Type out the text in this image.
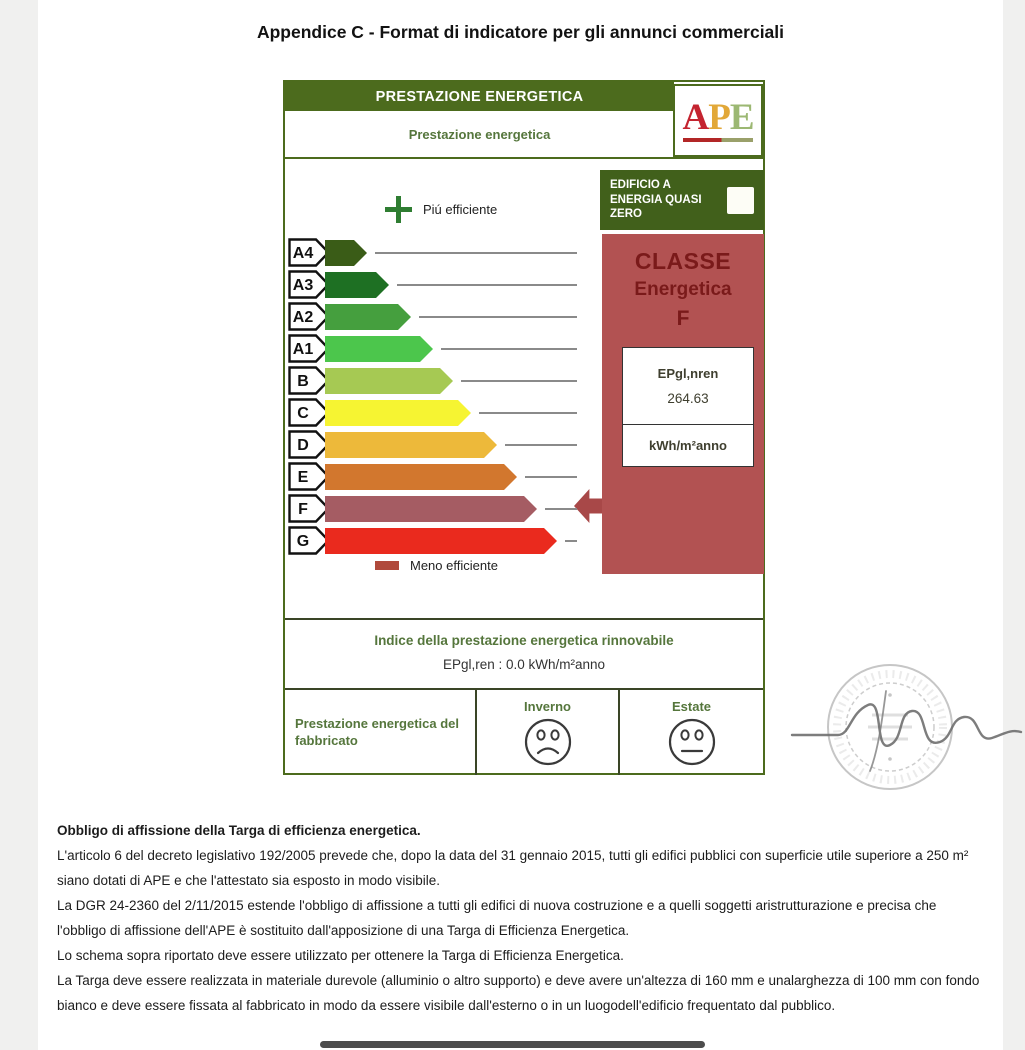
Appendice C - Format di indicatore per gli annunci commerciali
PRESTAZIONE ENERGETICA
Prestazione energetica	APE
EDIFICIO A ENERGIA QUASI ZERO
CLASSE
Energetica
F
EPgl,nren
264.63
kWh/m²anno
Piú efficiente
A4
A3
A2
A1
B
C
D
E
F
G
Meno efficiente
Indice della prestazione energetica rinnovabile
EPgl,ren : 0.0 kWh/m²anno
Prestazione energetica del fabbricato
Inverno	Estate
Obbligo di affissione della Targa di efficienza energetica.
L'articolo 6 del decreto legislativo 192/2005 prevede che, dopo la data del 31 gennaio 2015, tutti gli edifici pubblici con superficie utile superiore a 250 m² siano dotati di APE e che l'attestato sia esposto in modo visibile.
La DGR 24-2360 del 2/11/2015 estende l'obbligo di affissione a tutti gli edifici di nuova costruzione e a quelli soggetti aristrutturazione e precisa che l'obbligo di affissione dell'APE è sostituito dall'apposizione di una Targa di Efficienza Energetica.
Lo schema sopra riportato deve essere utilizzato per ottenere la Targa di Efficienza Energetica.
La Targa deve essere realizzata in materiale durevole (alluminio o altro supporto) e deve avere un'altezza di 160 mm e unalarghezza di 100 mm con fondo bianco e deve essere fissata al fabbricato in modo da essere visibile dall'esterno o in un luogodell'edificio frequentato dal pubblico.
